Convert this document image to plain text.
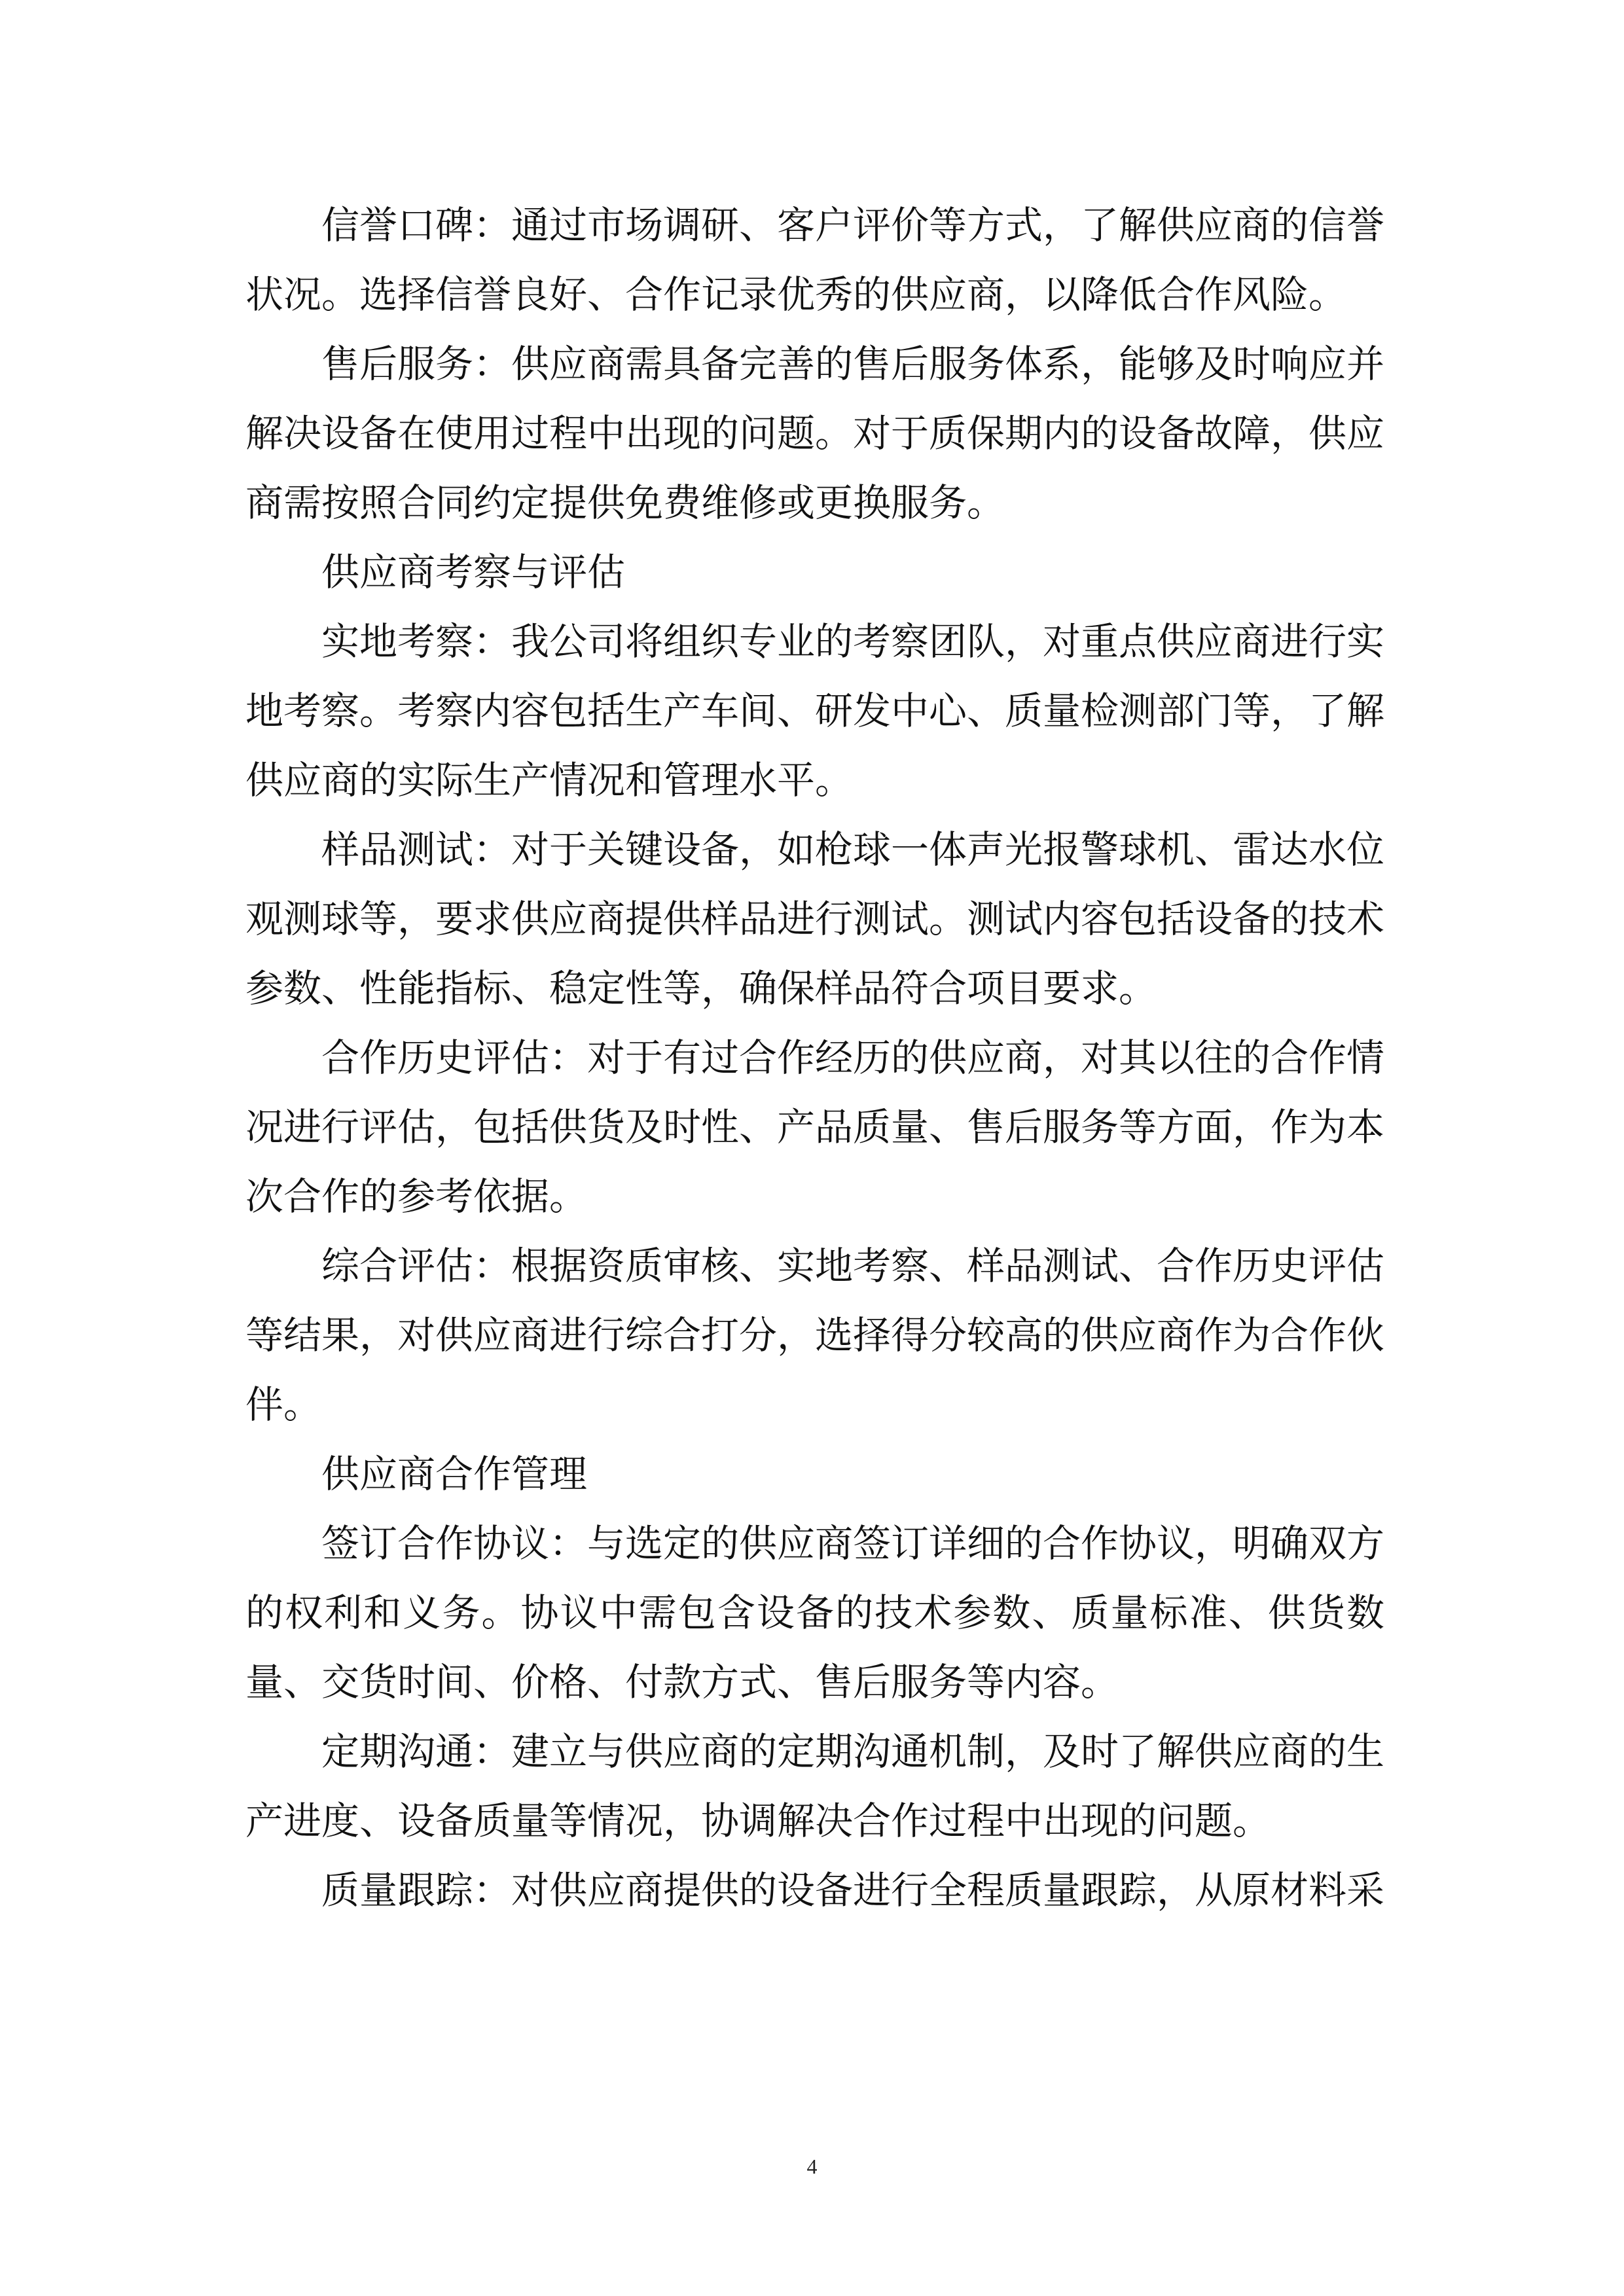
信誉口碑：通过市场调研、客户评价等方式，了解供应商的信誉状况。选择信誉良好、合作记录优秀的供应商，以降低合作风险。

售后服务：供应商需具备完善的售后服务体系，能够及时响应并解决设备在使用过程中出现的问题。对于质保期内的设备故障，供应商需按照合同约定提供免费维修或更换服务。

供应商考察与评估

实地考察：我公司将组织专业的考察团队，对重点供应商进行实地考察。考察内容包括生产车间、研发中心、质量检测部门等，了解供应商的实际生产情况和管理水平。

样品测试：对于关键设备，如枪球一体声光报警球机、雷达水位观测球等，要求供应商提供样品进行测试。测试内容包括设备的技术参数、性能指标、稳定性等，确保样品符合项目要求。

合作历史评估：对于有过合作经历的供应商，对其以往的合作情况进行评估，包括供货及时性、产品质量、售后服务等方面，作为本次合作的参考依据。

综合评估：根据资质审核、实地考察、样品测试、合作历史评估等结果，对供应商进行综合打分，选择得分较高的供应商作为合作伙伴。

供应商合作管理

签订合作协议：与选定的供应商签订详细的合作协议，明确双方的权利和义务。协议中需包含设备的技术参数、质量标准、供货数量、交货时间、价格、付款方式、售后服务等内容。

定期沟通：建立与供应商的定期沟通机制，及时了解供应商的生产进度、设备质量等情况，协调解决合作过程中出现的问题。

质量跟踪：对供应商提供的设备进行全程质量跟踪，从原材料采

4
